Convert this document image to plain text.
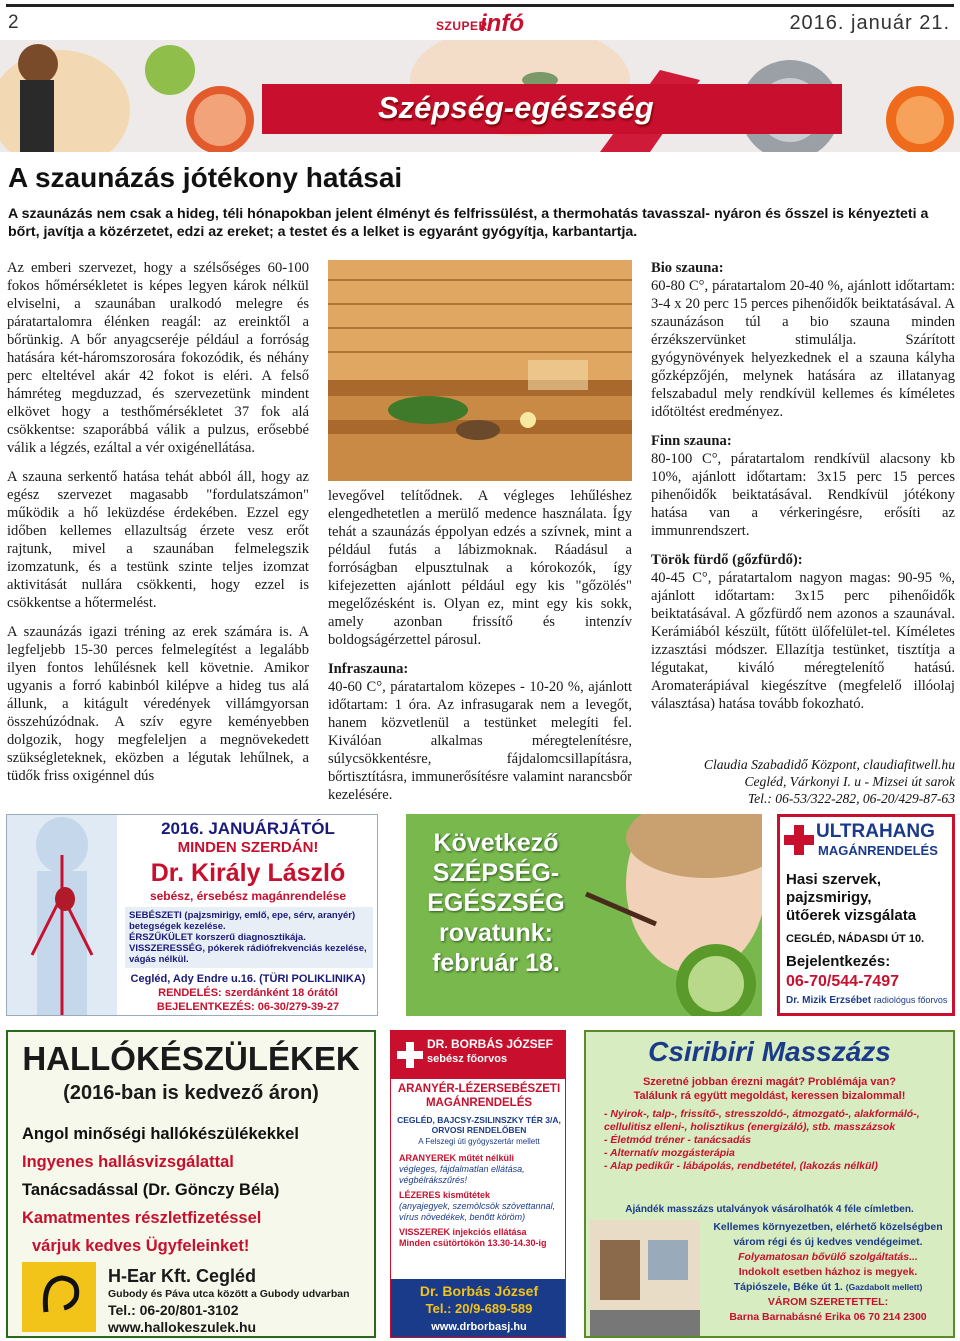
2	SZUPER
infó	2016. január 21.
Szépség-egészség
A szaunázás jótékony hatásai
A szaunázás nem csak a hideg, téli hónapokban jelent élményt és felfrissülést, a thermohatás tavasszal- nyáron és ősszel is kényezteti a bőrt, javítja a közérzetet, edzi az ereket; a testet és a lelket is egyaránt gyógyítja, karbantartja.

Az emberi szervezet, hogy a szélsőséges 60-100 fokos hőmérsékletet is képes legyen károk nélkül elviselni, a szaunában uralkodó melegre és páratartalomra élénken reagál: az ereinktől a bőrünkig. A bőr anyagcseréje például a forróság hatására két-háromszorosára fokozódik, és néhány perc elteltével akár 42 fokot is eléri. A felső hámréteg megduzzad, és szervezetünk mindent elkövet hogy a testhőmérsékletet 37 fok alá csökkentse: szaporábbá válik a pulzus, erősebbé válik a légzés, ezáltal a vér oxigénellátása.

A szauna serkentő hatása tehát abból áll, hogy az egész szervezet magasabb "fordulatszámon" működik a hő leküzdése érdekében. Ezzel egy időben kellemes ellazultság érzete vesz erőt rajtunk, mivel a szaunában felmelegszik izomzatunk, és a testünk szinte teljes izomzat aktivitását nullára csökkenti, hogy ezzel is csökkentse a hőtermelést.

A szaunázás igazi tréning az erek számára is. A legfeljebb 15-30 perces felmelegítést a legalább ilyen fontos lehűlésnek kell követnie. Amikor ugyanis a forró kabinból kilépve a hideg tus alá állunk, a kitágult véredények villámgyorsan összehúzódnak. A szív egyre keményebben dolgozik, hogy megfeleljen a megnövekedett szükségleteknek, eközben a légutak lehűlnek, a tüdők friss oxigénnel dús

levegővel telítődnek. A végleges lehűléshez elengedhetetlen a merülő medence használata. Így tehát a szaunázás éppolyan edzés a szívnek, mint a például futás a lábizmoknak. Ráadásul a forróságban elpusztulnak a kórokozók, így kifejezetten ajánlott például egy kis "gőzölés" megelőzésként is. Olyan ez, mint egy kis sokk, amely azonban frissítő és intenzív boldogságérzettel párosul.

Infraszauna:

40-60 C°, páratartalom közepes - 10-20 %, ajánlott időtartam: 1 óra. Az infrasugarak nem a levegőt, hanem közvetlenül a testünket melegíti fel. Kiválóan alkalmas méregtelenítésre, súlycsökkentésre, fájdalomcsillapításra, bőrtisztításra, immunerősítésre valamint narancsbőr kezelésére.

Bio szauna:

60-80 C°, páratartalom 20-40 %, ajánlott időtartam: 3-4 x 20 perc 15 perces pihenőidők beiktatásával. A szaunázáson túl a bio szauna minden érzékszervünket stimulálja. Szárított gyógynövények helyezkednek el a szauna kályha gőzképzőjén, melynek hatására az illatanyag felszabadul mely rendkívül kellemes és kíméletes időtöltést eredményez.

Finn szauna:

80-100 C°, páratartalom rendkívül alacsony kb 10%, ajánlott időtartam: 3x15 perc 15 perces pihenőidők beiktatásával. Rendkívül jótékony hatása van a vérkeringésre, erősíti az immunrendszert.

Török fürdő (gőzfürdő):

40-45 C°, páratartalom nagyon magas: 90-95 %, ajánlott időtartam: 3x15 perc pihenőidők beiktatásával. A gőzfürdő nem azonos a szaunával. Kerámiából készült, fűtött ülőfelület-tel. Kíméletes izzasztási módszer. Ellazítja testünket, tisztítja a légutakat, kiváló méregtelenítő hatású. Aromaterápiával kiegészítve (megfelelő illóolaj választása) hatása tovább fokozható.

Claudia Szabadidő Központ, claudiafitwell.hu
Cegléd, Várkonyi I. u - Mizsei út sarok
Tel.: 06-53/322-282, 06-20/429-87-63
2016. JANUÁRJÁTÓL
MINDEN SZERDÁN!
Dr. Király László
sebész, érsebész magánrendelése
SEBÉSZETI (pajzsmirigy, emlő, epe, sérv, aranyér) betegségek kezelése.
ÉRSZŰKÜLET korszerű diagnosztikája.
VISSZERESSÉG, pókerek rádiófrekvenciás kezelése, vágás nélkül.
Cegléd, Ady Endre u.16. (TÜRI POLIKLINIKA)
RENDELÉS: szerdánként 18 órától
BEJELENTKEZÉS: 06-30/279-39-27
Következő
SZÉPSÉG-
EGÉSZSÉG
rovatunk:
február 18.
ULTRAHANG
MAGÁNRENDELÉS
Hasi szervek,
pajzsmirigy,
ütőerek vizsgálata
CEGLÉD, NÁDASDI ÚT 10.
Bejelentkezés:
06-70/544-7497
Dr. Mizik Erzsébet radiológus főorvos
HALLÓKÉSZÜLÉKEK
(2016-ban is kedvező áron)
Angol minőségi hallókészülékekkel
Ingyenes hallásvizsgálattal
Tanácsadással (Dr. Gönczy Béla)
Kamatmentes részletfizetéssel
várjuk kedves Ügyfeleinket!
H-Ear Kft. Cegléd
Gubody és Páva utca között a Gubody udvarban
Tel.: 06-20/801-3102
www.hallokeszulek.hu
DR. BORBÁS JÓZSEF
sebész főorvos
ARANYÉR-LÉZERSEBÉSZETI
MAGÁNRENDELÉS
CEGLÉD, BAJCSY-ZSILINSZKY TÉR 3/A, ORVOSI RENDELŐBEN
A Felszegi úti gyógyszertár mellett
ARANYEREK műtét nélküli
végleges, fájdalmatlan ellátása, végbélrákszűrés!
LÉZERES kisműtétek
(anyajegyek, szemölcsök szövettannal, vírus növedékek, benőtt köröm)
VISSZEREK injekciós ellátása
Minden csütörtökön 13.30-14.30-ig
Dr. Borbás József
Tel.: 20/9-689-589
www.drborbasj.hu
Csiribiri Masszázs
Szeretné jobban érezni magát? Problémája van?
Találunk rá együtt megoldást, keressen bizalommal!
- Nyirok-, talp-, frissítő-, stresszoldó-, átmozgató-, alakformáló-, cellulitisz elleni-, holisztikus (energizáló), stb. masszázsok
- Életmód tréner - tanácsadás
- Alternatív mozgásterápia
- Alap pedikűr - lábápolás, rendbetétel, (lakozás nélkül)
Ajándék masszázs utalványok vásárolhatók 4 féle címletben.
Kellemes környezetben, elérhető közelségben
várom régi és új kedves vendégeimet.
Folyamatosan bővülő szolgáltatás...
Indokolt esetben házhoz is megyek.
Tápiószele, Béke út 1. (Gazdabolt mellett)
VÁROM SZERETETTEL:
Barna Barnabásné Erika 06 70 214 2300
